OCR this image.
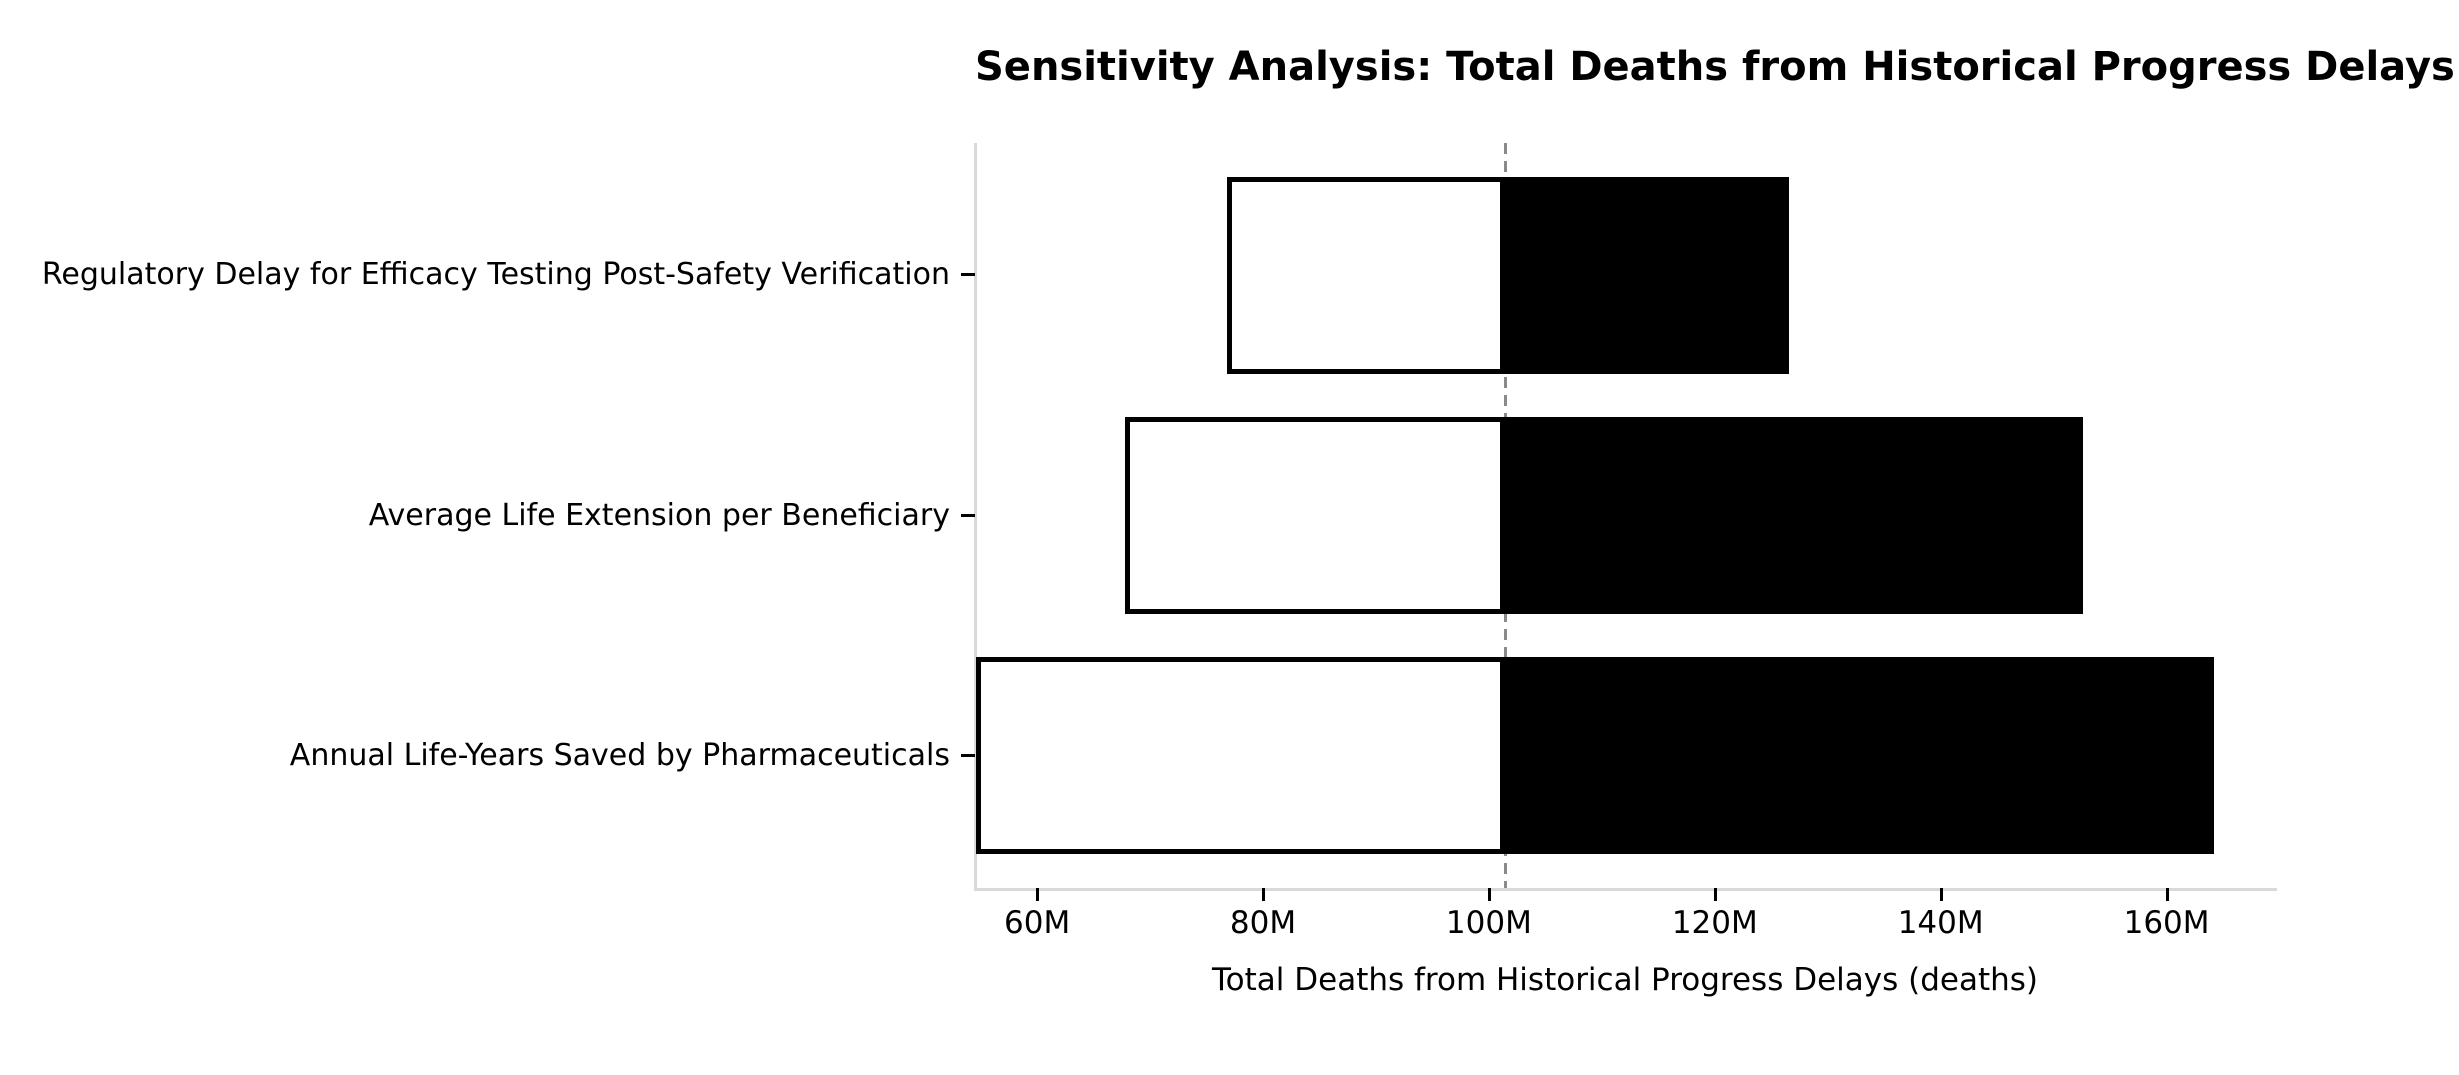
Sensitivity Analysis: Total Deaths from Historical Progress Delays
Regulatory Delay for Efficacy Testing Post-Safety Verification
Average Life Extension per Beneficiary
Annual Life-Years Saved by Pharmaceuticals
60M	80M	100M	120M	140M	160M
Total Deaths from Historical Progress Delays (deaths)
